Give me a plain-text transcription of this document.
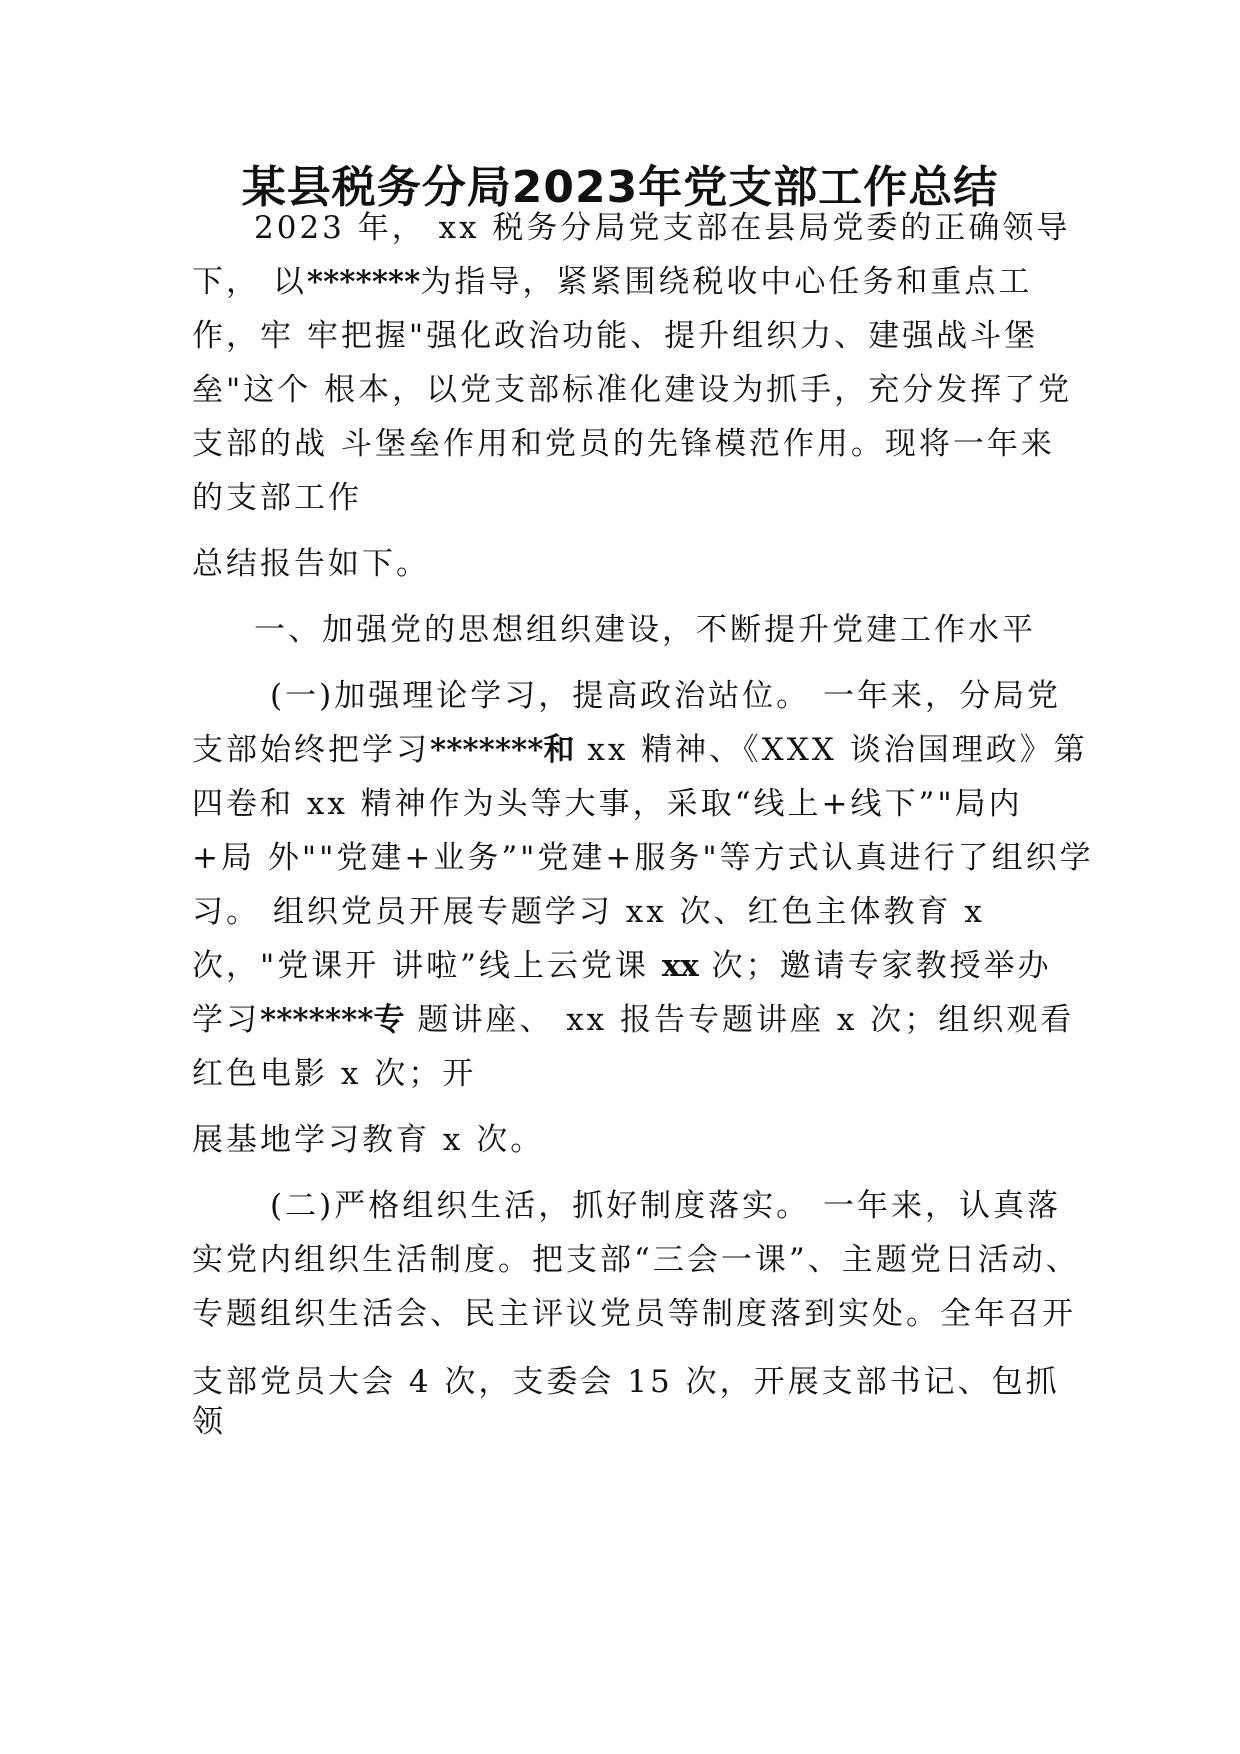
某县税务分局2023年党支部工作总结
2023 年， xx 税务分局党支部在县局党委的正确领导
下， 以*******为指导，紧紧围绕税收中心任务和重点工
作，牢 牢把握"强化政治功能、提升组织力、建强战斗堡
垒"这个 根本，以党支部标准化建设为抓手，充分发挥了党
支部的战 斗堡垒作用和党员的先锋模范作用。现将一年来
的支部工作
总结报告如下。
一、加强党的思想组织建设，不断提升党建工作水平
(一)加强理论学习，提高政治站位。 一年来，分局党
支部始终把学习*******和 xx 精神、《XXX 谈治国理政》第
四卷和 xx 精神作为头等大事，采取“线上+线下”"局内
+局 外""党建+业务”"党建+服务"等方式认真进行了组织学
习。 组织党员开展专题学习 xx 次、红色主体教育 x
次，"党课开 讲啦”线上云党课 xx 次；邀请专家教授举办
学习*******专 题讲座、 xx 报告专题讲座 x 次；组织观看
红色电影 x 次；开
展基地学习教育 x 次。
(二)严格组织生活，抓好制度落实。 一年来，认真落
实党内组织生活制度。把支部“三会一课”、主题党日活动、
专题组织生活会、民主评议党员等制度落到实处。全年召开
支部党员大会 4 次，支委会 15 次，开展支部书记、包抓
领
